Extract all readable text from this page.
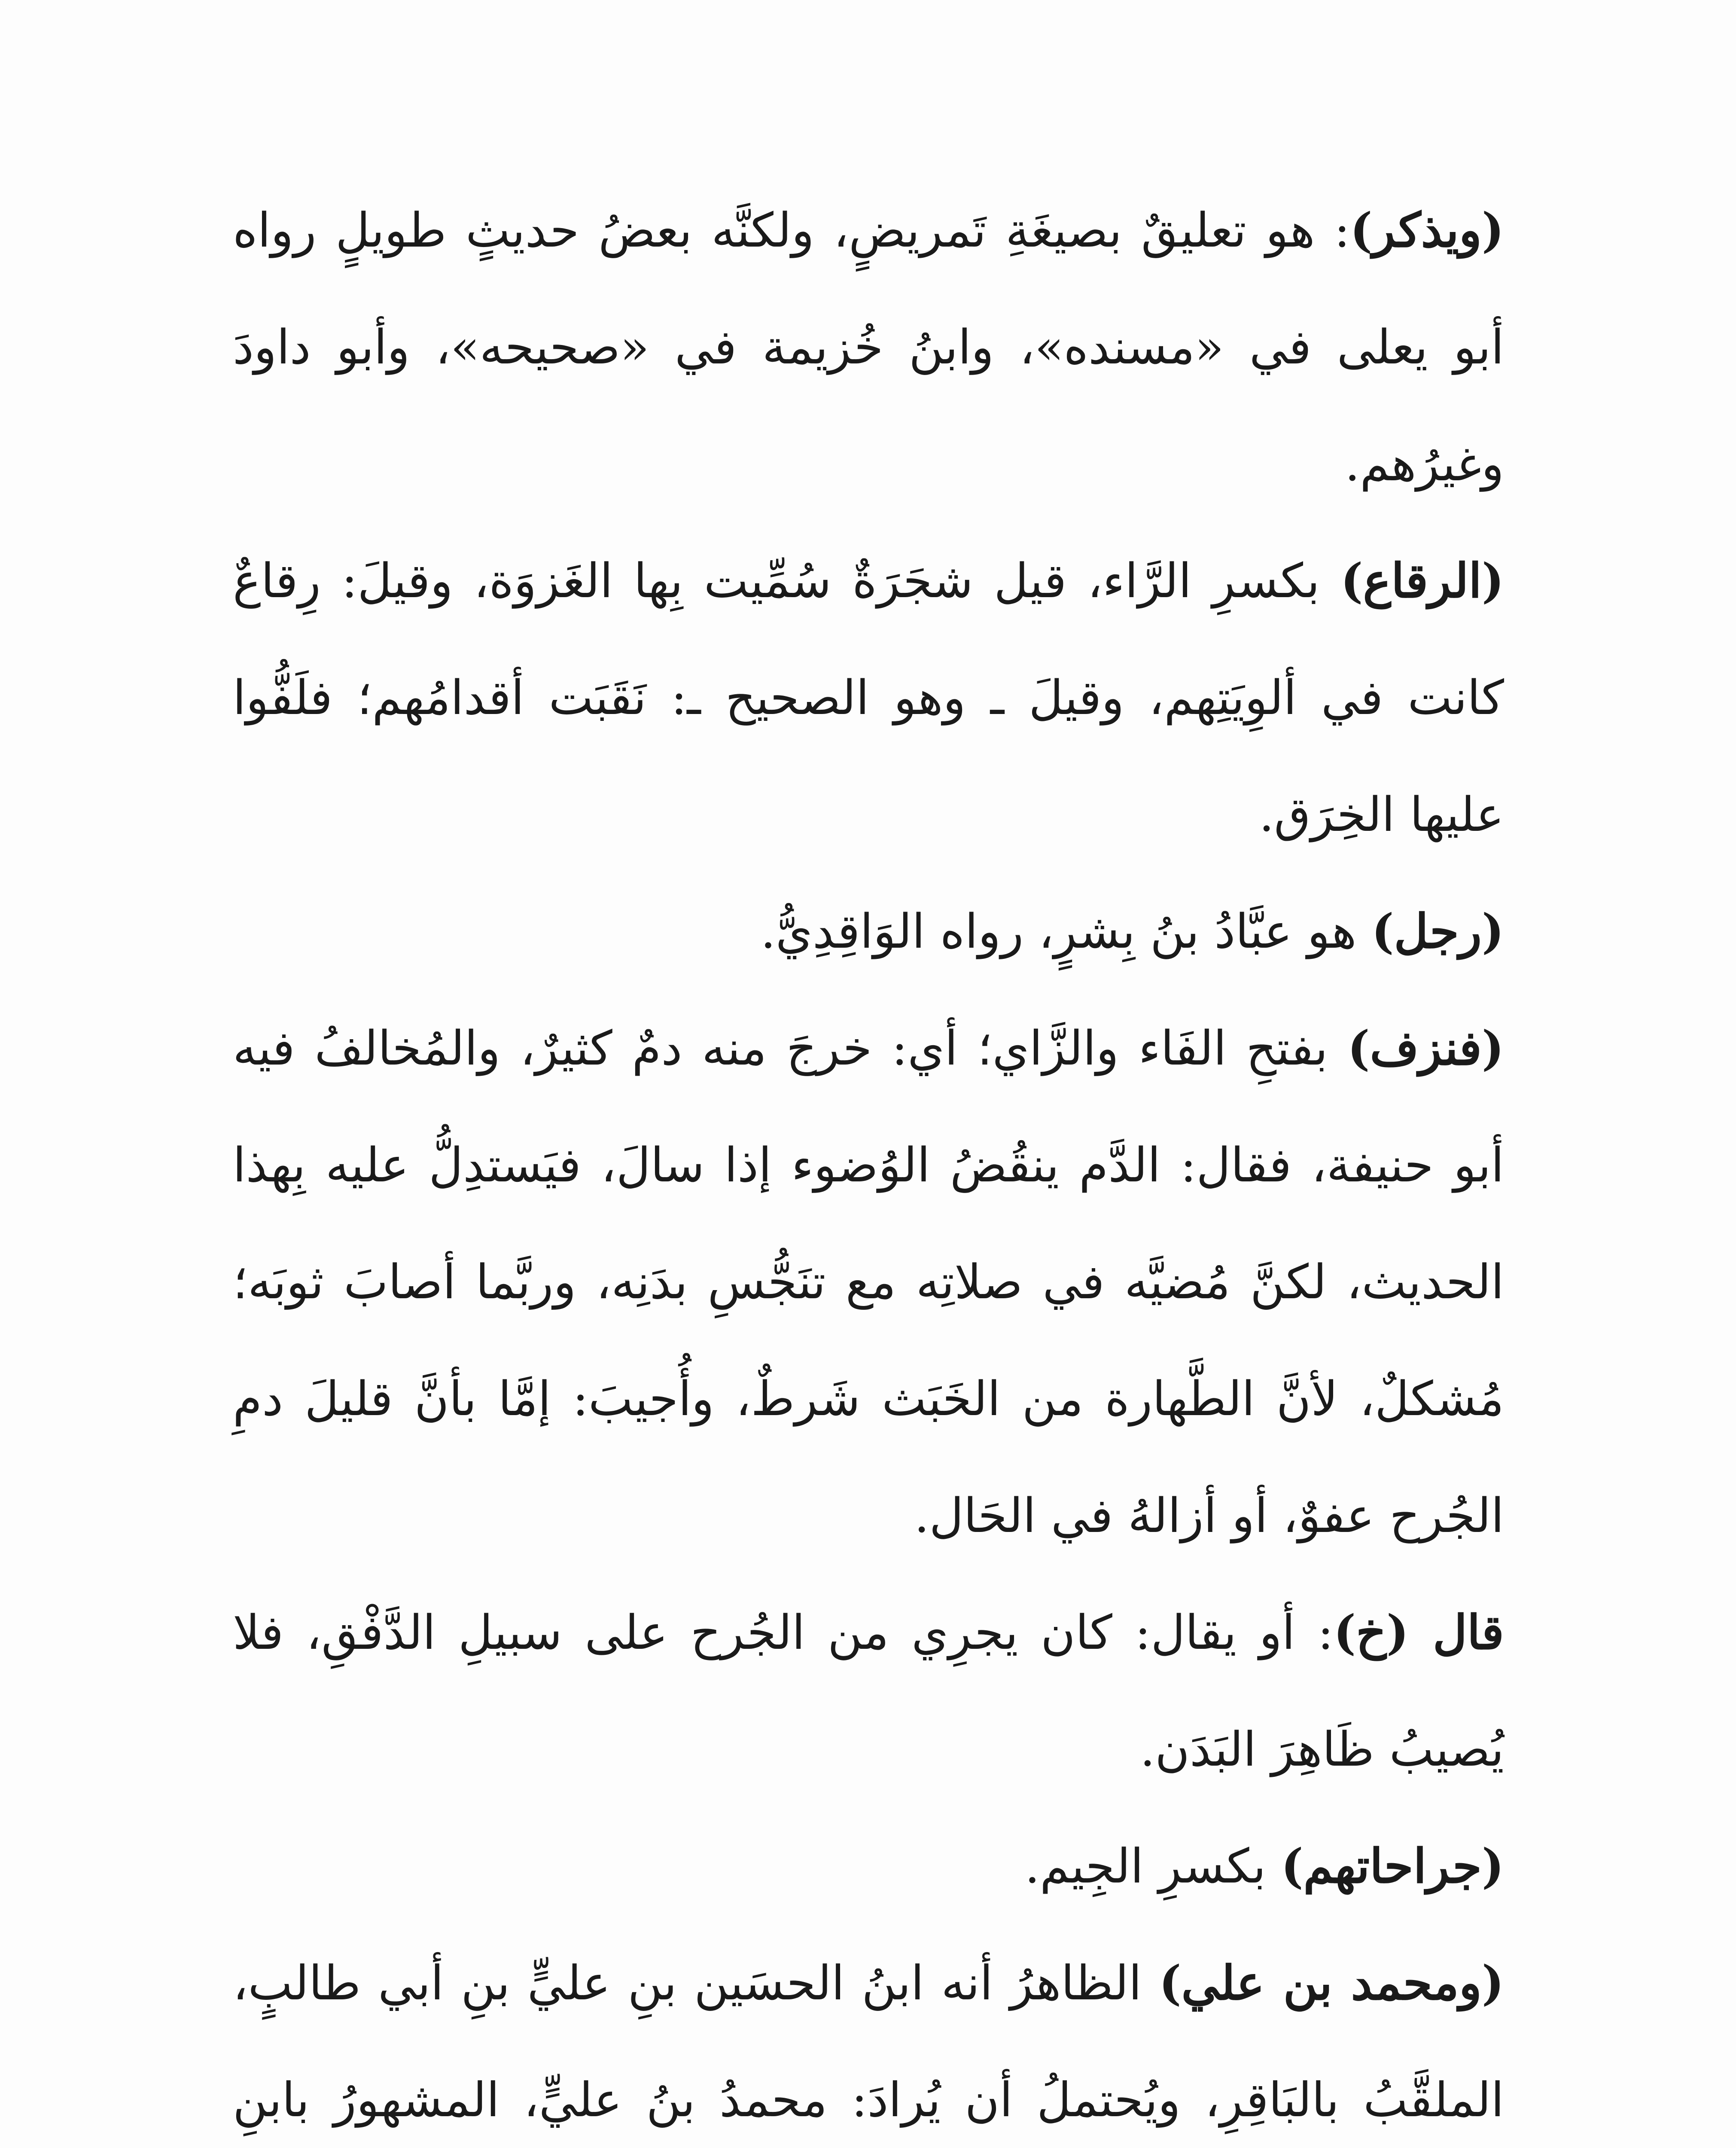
(ويذكر): هو تعليقٌ بصيغَةِ تَمريضٍ، ولكنَّه بعضُ حديثٍ طويلٍ رواه أبو يعلى في «مسنده»، وابنُ خُزيمة في «صحيحه»، وأبو داودَ وغيرُهم.

(الرقاع) بكسرِ الرَّاء، قيل شجَرَةٌ سُمِّيت بِها الغَزوَة، وقيلَ: رِقاعٌ كانت في ألوِيَتِهم، وقيلَ ـ وهو الصحيح ـ: نَقَبَت أقدامُهم؛ فلَفُّوا عليها الخِرَق.

(رجل) هو عبَّادُ بنُ بِشرٍ، رواه الوَاقِدِيُّ.

(فنزف) بفتحِ الفَاء والزَّاي؛ أي: خرجَ منه دمٌ كثيرٌ، والمُخالفُ فيه أبو حنيفة، فقال: الدَّم ينقُضُ الوُضوء إذا سالَ، فيَستدِلُّ عليه بِهذا الحديث، لكنَّ مُضيَّه في صلاتِه مع تنَجُّسِ بدَنِه، وربَّما أصابَ ثوبَه؛ مُشكلٌ، لأنَّ الطَّهارة من الخَبَث شَرطٌ، وأُجيبَ: إمَّا بأنَّ قليلَ دمِ الجُرح عفوٌ، أو أزالهُ في الحَال.

قال (خ): أو يقال: كان يجرِي من الجُرح على سبيلِ الدَّفْقِ، فلا يُصيبُ ظَاهِرَ البَدَن.

(جراحاتهم) بكسرِ الجِيم.

(ومحمد بن علي) الظاهرُ أنه ابنُ الحسَين بنِ عليٍّ بنِ أبي طالبٍ، الملقَّبُ بالبَاقِرِ، ويُحتملُ أن يُرادَ: محمدُ بنُ عليٍّ، المشهورُ بابنِ
